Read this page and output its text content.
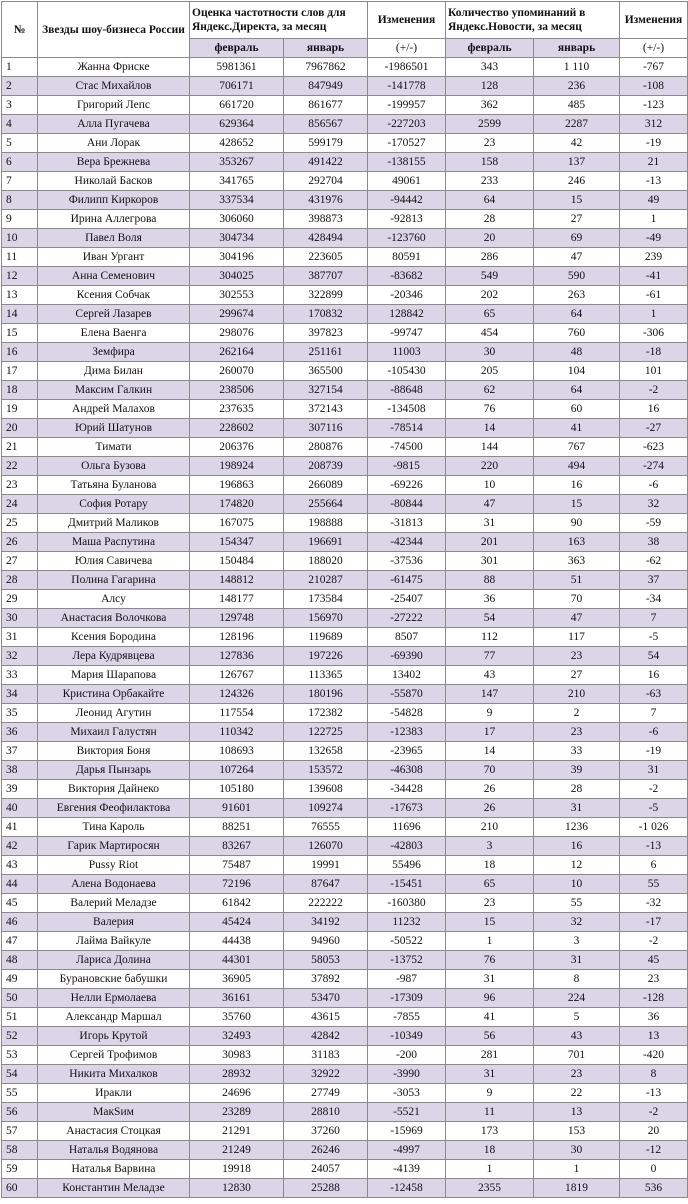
№	Звезды шоу-бизнеса России	Оценка частотности слов для Яндекс.Директа, за месяц		Изменения	Количество упоминаний в Яндекс.Новости, за месяц		Изменения
		февраль	январь	(+/-)	февраль	январь	(+/-)
1	Жанна Фриске	5981361	7967862	-1986501	343	1 110	-767
2	Стас Михайлов	706171	847949	-141778	128	236	-108
3	Григорий Лепс	661720	861677	-199957	362	485	-123
4	Алла Пугачева	629364	856567	-227203	2599	2287	312
5	Ани Лорак	428652	599179	-170527	23	42	-19
6	Вера Брежнева	353267	491422	-138155	158	137	21
7	Николай Басков	341765	292704	49061	233	246	-13
8	Филипп Киркоров	337534	431976	-94442	64	15	49
9	Ирина Аллегрова	306060	398873	-92813	28	27	1
10	Павел Воля	304734	428494	-123760	20	69	-49
11	Иван Ургант	304196	223605	80591	286	47	239
12	Анна Семенович	304025	387707	-83682	549	590	-41
13	Ксения Собчак	302553	322899	-20346	202	263	-61
14	Сергей Лазарев	299674	170832	128842	65	64	1
15	Елена Ваенга	298076	397823	-99747	454	760	-306
16	Земфира	262164	251161	11003	30	48	-18
17	Дима Билан	260070	365500	-105430	205	104	101
18	Максим Галкин	238506	327154	-88648	62	64	-2
19	Андрей Малахов	237635	372143	-134508	76	60	16
20	Юрий Шатунов	228602	307116	-78514	14	41	-27
21	Тимати	206376	280876	-74500	144	767	-623
22	Ольга Бузова	198924	208739	-9815	220	494	-274
23	Татьяна Буланова	196863	266089	-69226	10	16	-6
24	София Ротару	174820	255664	-80844	47	15	32
25	Дмитрий Маликов	167075	198888	-31813	31	90	-59
26	Маша Распутина	154347	196691	-42344	201	163	38
27	Юлия Савичева	150484	188020	-37536	301	363	-62
28	Полина Гагарина	148812	210287	-61475	88	51	37
29	Алсу	148177	173584	-25407	36	70	-34
30	Анастасия Волочкова	129748	156970	-27222	54	47	7
31	Ксения Бородина	128196	119689	8507	112	117	-5
32	Лера Кудрявцева	127836	197226	-69390	77	23	54
33	Мария Шарапова	126767	113365	13402	43	27	16
34	Кристина Орбакайте	124326	180196	-55870	147	210	-63
35	Леонид Агутин	117554	172382	-54828	9	2	7
36	Михаил Галустян	110342	122725	-12383	17	23	-6
37	Виктория Боня	108693	132658	-23965	14	33	-19
38	Дарья Пынзарь	107264	153572	-46308	70	39	31
39	Виктория Дайнеко	105180	139608	-34428	26	28	-2
40	Евгения Феофилактова	91601	109274	-17673	26	31	-5
41	Тина Кароль	88251	76555	11696	210	1236	-1 026
42	Гарик Мартиросян	83267	126070	-42803	3	16	-13
43	Pussy Riot	75487	19991	55496	18	12	6
44	Алена Водонаева	72196	87647	-15451	65	10	55
45	Валерий Меладзе	61842	222222	-160380	23	55	-32
46	Валерия	45424	34192	11232	15	32	-17
47	Лайма Вайкуле	44438	94960	-50522	1	3	-2
48	Лариса Долина	44301	58053	-13752	76	31	45
49	Бурановские бабушки	36905	37892	-987	31	8	23
50	Нелли Ермолаева	36161	53470	-17309	96	224	-128
51	Александр Маршал	35760	43615	-7855	41	5	36
52	Игорь Крутой	32493	42842	-10349	56	43	13
53	Сергей Трофимов	30983	31183	-200	281	701	-420
54	Никита Михалков	28932	32922	-3990	31	23	8
55	Иракли	24696	27749	-3053	9	22	-13
56	МакSим	23289	28810	-5521	11	13	-2
57	Анастасия Стоцкая	21291	37260	-15969	173	153	20
58	Наталья Водянова	21249	26246	-4997	18	30	-12
59	Наталья Варвина	19918	24057	-4139	1	1	0
60	Константин Меладзе	12830	25288	-12458	2355	1819	536
